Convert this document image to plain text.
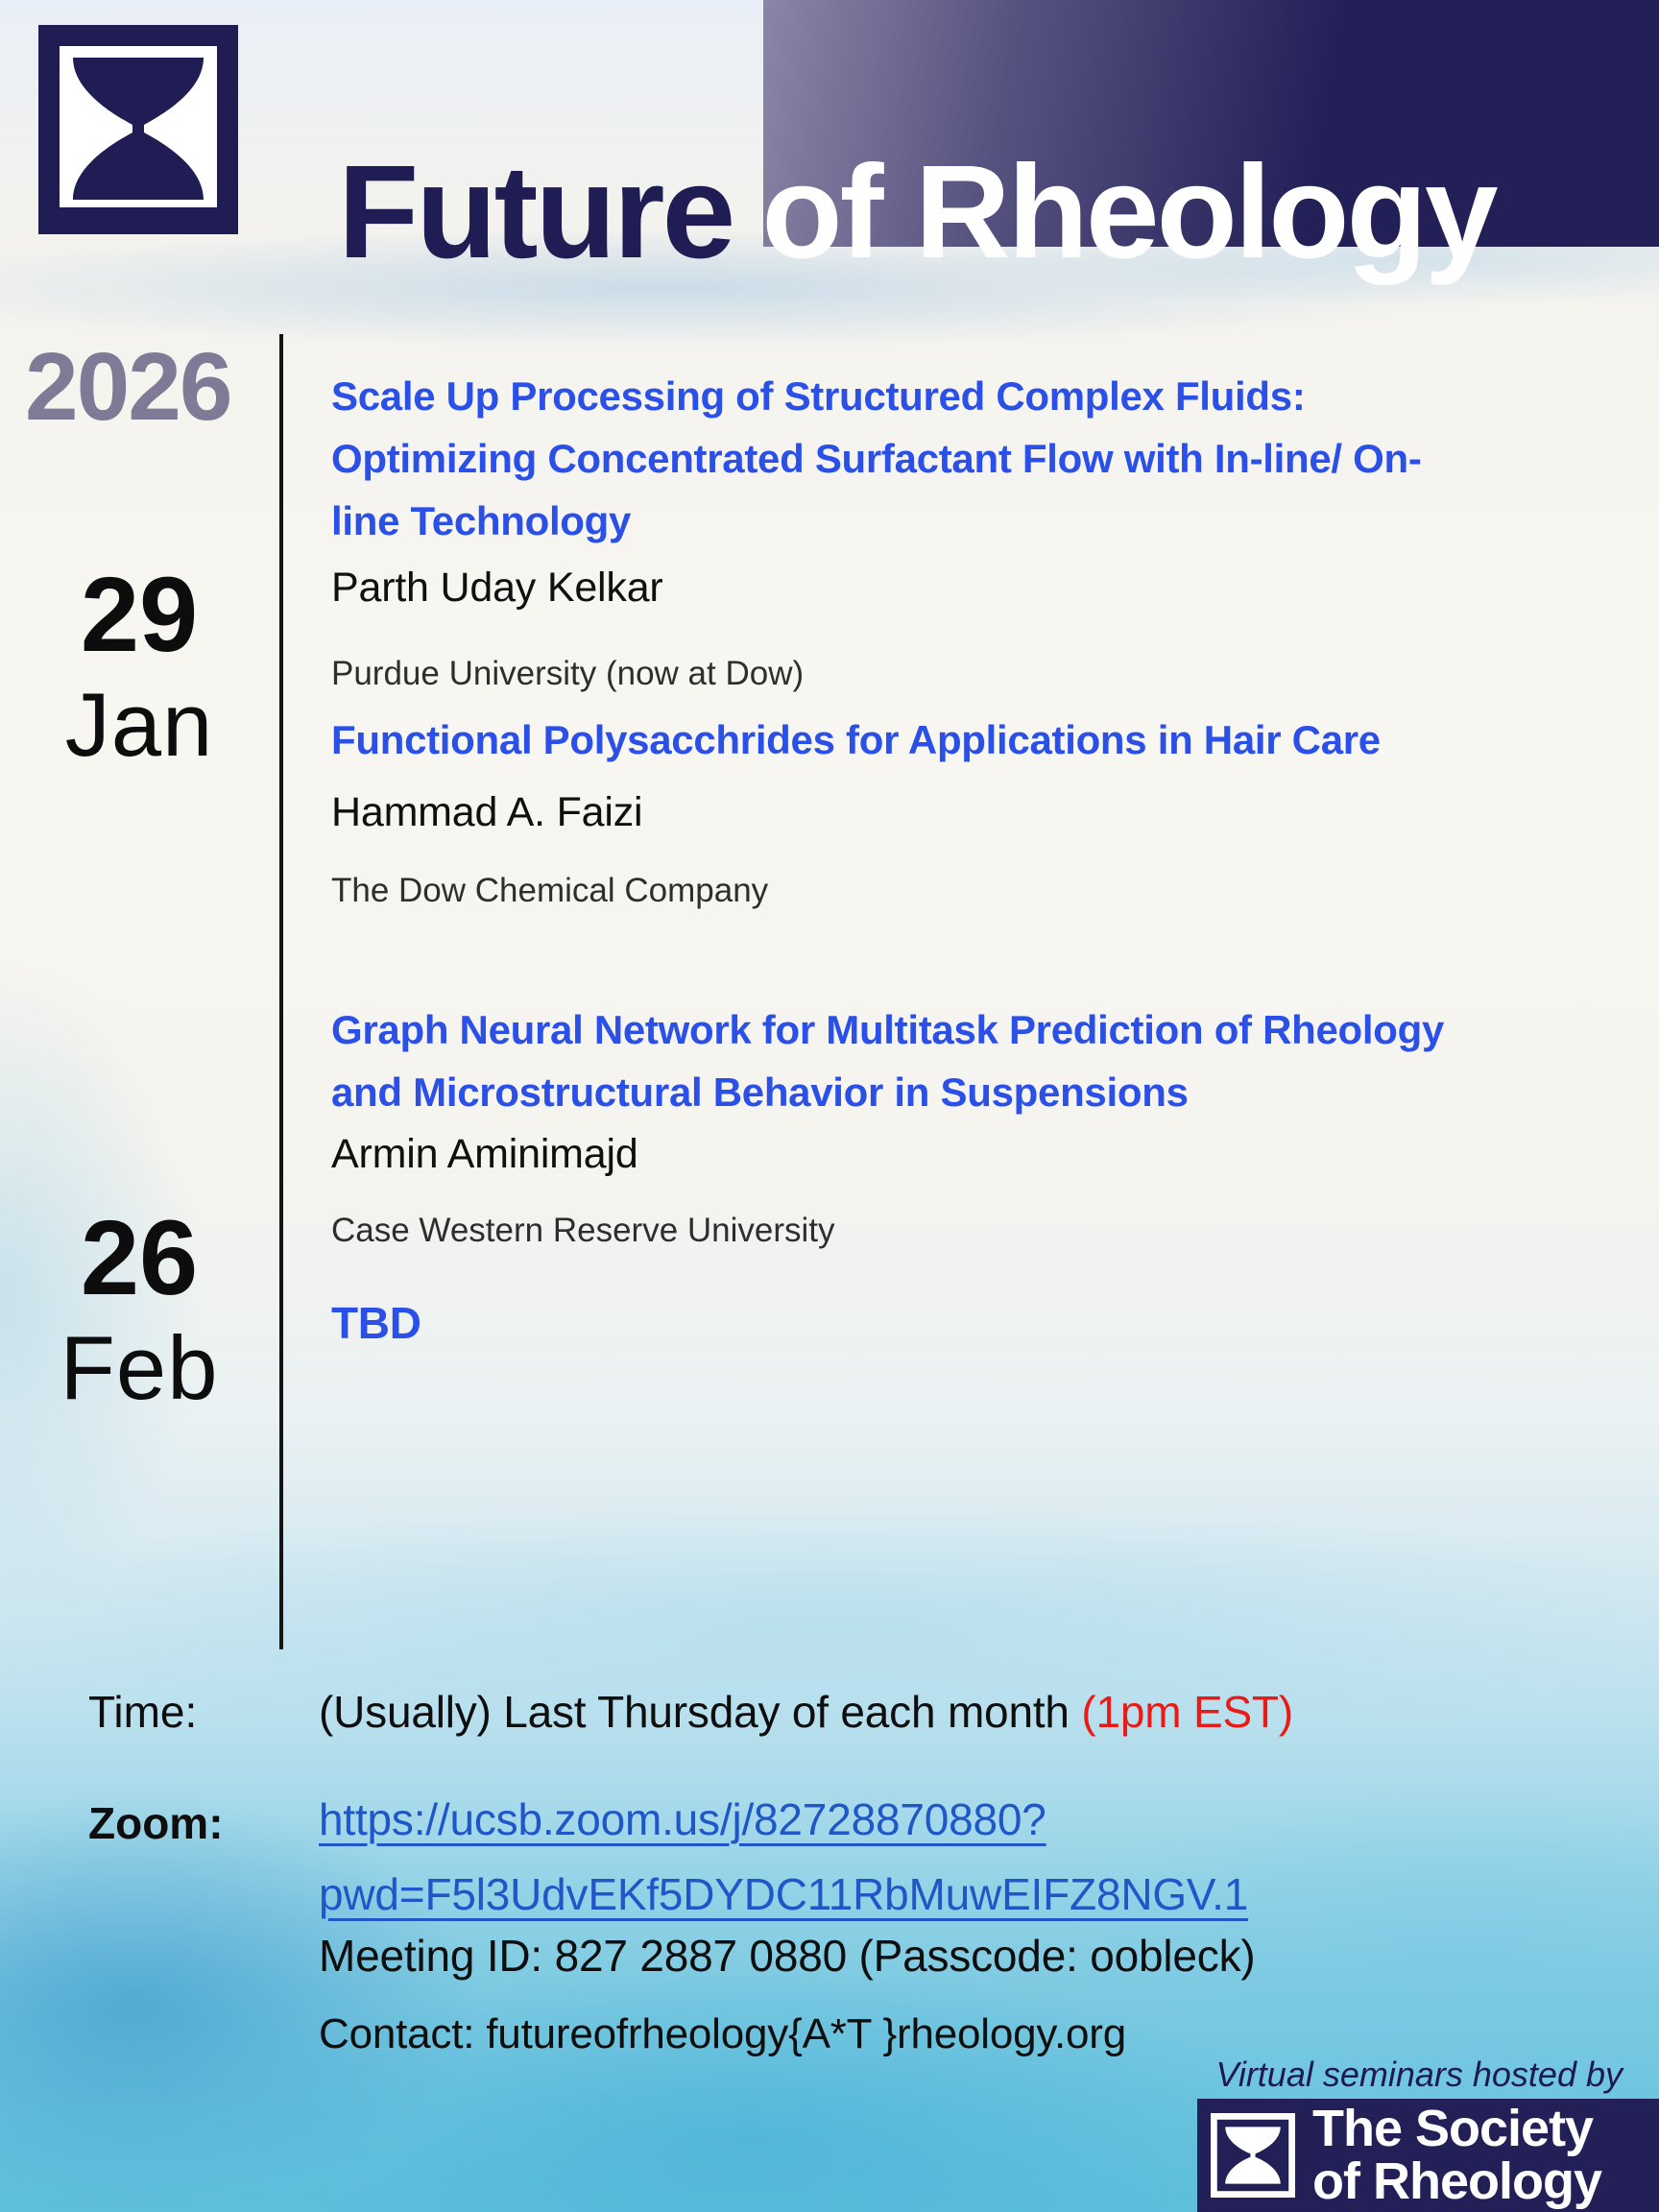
Future of Rheology
2026
29
Jan
26
Feb
Scale Up Processing of Structured Complex Fluids:
Optimizing Concentrated Surfactant Flow with In-line/ On-
line Technology
Parth Uday Kelkar
Purdue University (now at Dow)
Functional Polysacchrides for Applications in Hair Care
Hammad A. Faizi
The Dow Chemical Company
Graph Neural Network for Multitask Prediction of Rheology
and Microstructural Behavior in Suspensions
Armin Aminimajd
Case Western Reserve University
TBD
Time:	(Usually) Last Thursday of each month (1pm EST)
Zoom: https://ucsb.zoom.us/j/82728870880?
pwd=F5l3UdvEKf5DYDC11RbMuwEIFZ8NGV.1
Meeting ID: 827 2887 0880 (Passcode: oobleck)
Contact: futureofrheology{A*T }rheology.org
Virtual seminars hosted by
The Society
of Rheology
